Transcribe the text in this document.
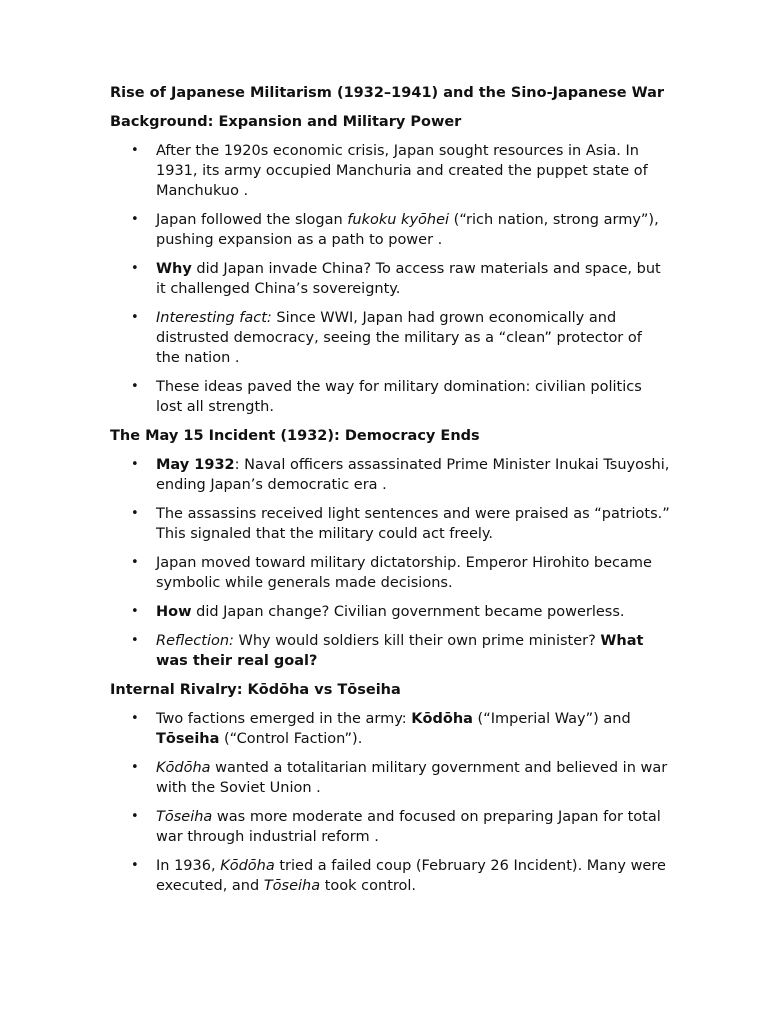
Rise of Japanese Militarism (1932–1941) and the Sino-Japanese War
Background: Expansion and Military Power
• After the 1920s economic crisis, Japan sought resources in Asia. In 1931, its army occupied Manchuria and created the puppet state of Manchukuo .
• Japan followed the slogan fukoku kyōhei (“rich nation, strong army”), pushing expansion as a path to power .
• Why did Japan invade China? To access raw materials and space, but it challenged China’s sovereignty.
• Interesting fact: Since WWI, Japan had grown economically and distrusted democracy, seeing the military as a “clean” protector of the nation .
• These ideas paved the way for military domination: civilian politics lost all strength.
The May 15 Incident (1932): Democracy Ends
• May 1932: Naval officers assassinated Prime Minister Inukai Tsuyoshi, ending Japan’s democratic era .
• The assassins received light sentences and were praised as “patriots.” This signaled that the military could act freely.
• Japan moved toward military dictatorship. Emperor Hirohito became symbolic while generals made decisions.
• How did Japan change? Civilian government became powerless.
• Reflection: Why would soldiers kill their own prime minister? What was their real goal?
Internal Rivalry: Kōdōha vs Tōseiha
• Two factions emerged in the army: Kōdōha (“Imperial Way”) and Tōseiha (“Control Faction”).
• Kōdōha wanted a totalitarian military government and believed in war with the Soviet Union .
• Tōseiha was more moderate and focused on preparing Japan for total war through industrial reform .
• In 1936, Kōdōha tried a failed coup (February 26 Incident). Many were executed, and Tōseiha took control.
